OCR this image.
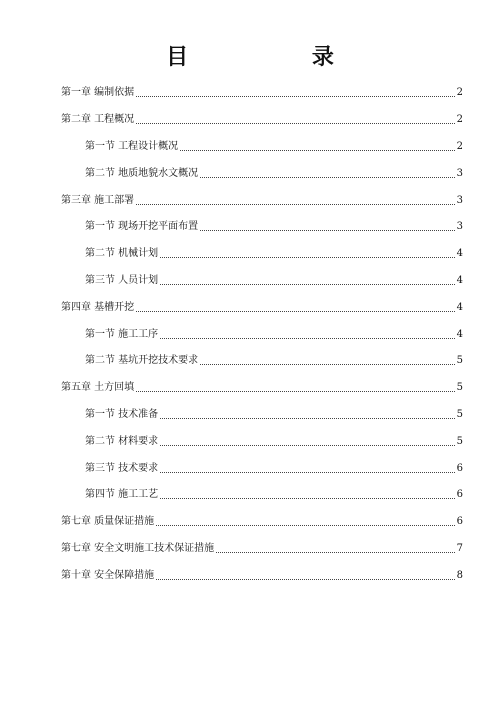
目 录
第一章 编制依据	2
第二章 工程概况	2
第一节 工程设计概况	2
第二节 地质地貌水文概况	3
第三章 施工部署	3
第一节 现场开挖平面布置	3
第二节 机械计划	4
第三节 人员计划	4
第四章 基槽开挖	4
第一节 施工工序	4
第二节 基坑开挖技术要求	5
第五章 土方回填	5
第一节 技术准备	5
第二节 材料要求	5
第三节 技术要求	6
第四节 施工工艺	6
第七章 质量保证措施	6
第七章 安全文明施工技术保证措施	7
第十章 安全保障措施	8
